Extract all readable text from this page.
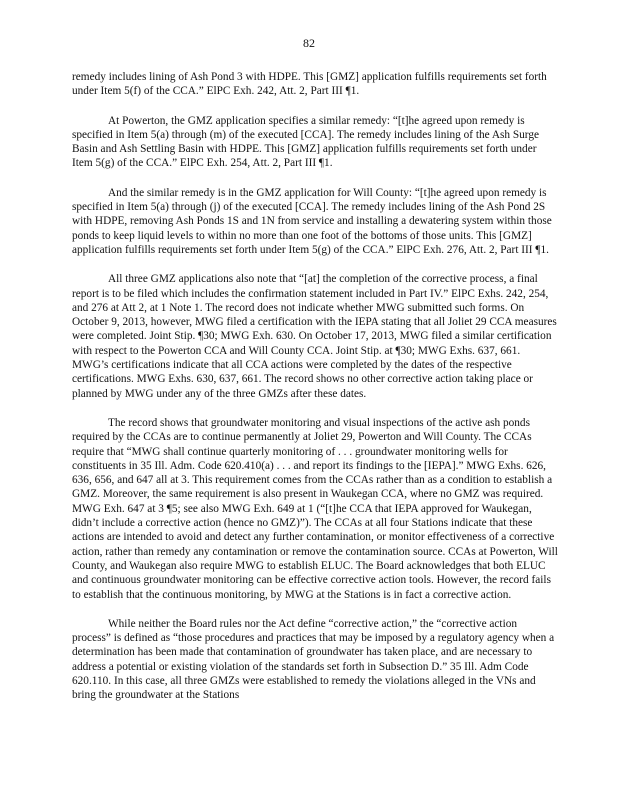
82

remedy includes lining of Ash Pond 3 with HDPE. This [GMZ] application fulfills requirements set forth under Item 5(f) of the CCA.” ElPC Exh. 242, Att. 2, Part III ¶1.

At Powerton, the GMZ application specifies a similar remedy: “[t]he agreed upon remedy is specified in Item 5(a) through (m) of the executed [CCA]. The remedy includes lining of the Ash Surge Basin and Ash Settling Basin with HDPE. This [GMZ] application fulfills requirements set forth under Item 5(g) of the CCA.” ElPC Exh. 254, Att. 2, Part III ¶1.

And the similar remedy is in the GMZ application for Will County: “[t]he agreed upon remedy is specified in Item 5(a) through (j) of the executed [CCA]. The remedy includes lining of the Ash Pond 2S with HDPE, removing Ash Ponds 1S and 1N from service and installing a dewatering system within those ponds to keep liquid levels to within no more than one foot of the bottoms of those units. This [GMZ] application fulfills requirements set forth under Item 5(g) of the CCA.” ElPC Exh. 276, Att. 2, Part III ¶1.

All three GMZ applications also note that “[at] the completion of the corrective process, a final report is to be filed which includes the confirmation statement included in Part IV.” ElPC Exhs. 242, 254, and 276 at Att 2, at 1 Note 1. The record does not indicate whether MWG submitted such forms. On October 9, 2013, however, MWG filed a certification with the IEPA stating that all Joliet 29 CCA measures were completed. Joint Stip. ¶30; MWG Exh. 630. On October 17, 2013, MWG filed a similar certification with respect to the Powerton CCA and Will County CCA. Joint Stip. at ¶30; MWG Exhs. 637, 661. MWG’s certifications indicate that all CCA actions were completed by the dates of the respective certifications. MWG Exhs. 630, 637, 661. The record shows no other corrective action taking place or planned by MWG under any of the three GMZs after these dates.

The record shows that groundwater monitoring and visual inspections of the active ash ponds required by the CCAs are to continue permanently at Joliet 29, Powerton and Will County. The CCAs require that “MWG shall continue quarterly monitoring of . . . groundwater monitoring wells for constituents in 35 Ill. Adm. Code 620.410(a) . . . and report its findings to the [IEPA].” MWG Exhs. 626, 636, 656, and 647 all at 3. This requirement comes from the CCAs rather than as a condition to establish a GMZ. Moreover, the same requirement is also present in Waukegan CCA, where no GMZ was required. MWG Exh. 647 at 3 ¶5; see also MWG Exh. 649 at 1 (“[t]he CCA that IEPA approved for Waukegan, didn’t include a corrective action (hence no GMZ)”). The CCAs at all four Stations indicate that these actions are intended to avoid and detect any further contamination, or monitor effectiveness of a corrective action, rather than remedy any contamination or remove the contamination source. CCAs at Powerton, Will County, and Waukegan also require MWG to establish ELUC. The Board acknowledges that both ELUC and continuous groundwater monitoring can be effective corrective action tools. However, the record fails to establish that the continuous monitoring, by MWG at the Stations is in fact a corrective action.

While neither the Board rules nor the Act define “corrective action,” the “corrective action process” is defined as “those procedures and practices that may be imposed by a regulatory agency when a determination has been made that contamination of groundwater has taken place, and are necessary to address a potential or existing violation of the standards set forth in Subsection D.” 35 Ill. Adm Code 620.110. In this case, all three GMZs were established to remedy the violations alleged in the VNs and bring the groundwater at the Stations
